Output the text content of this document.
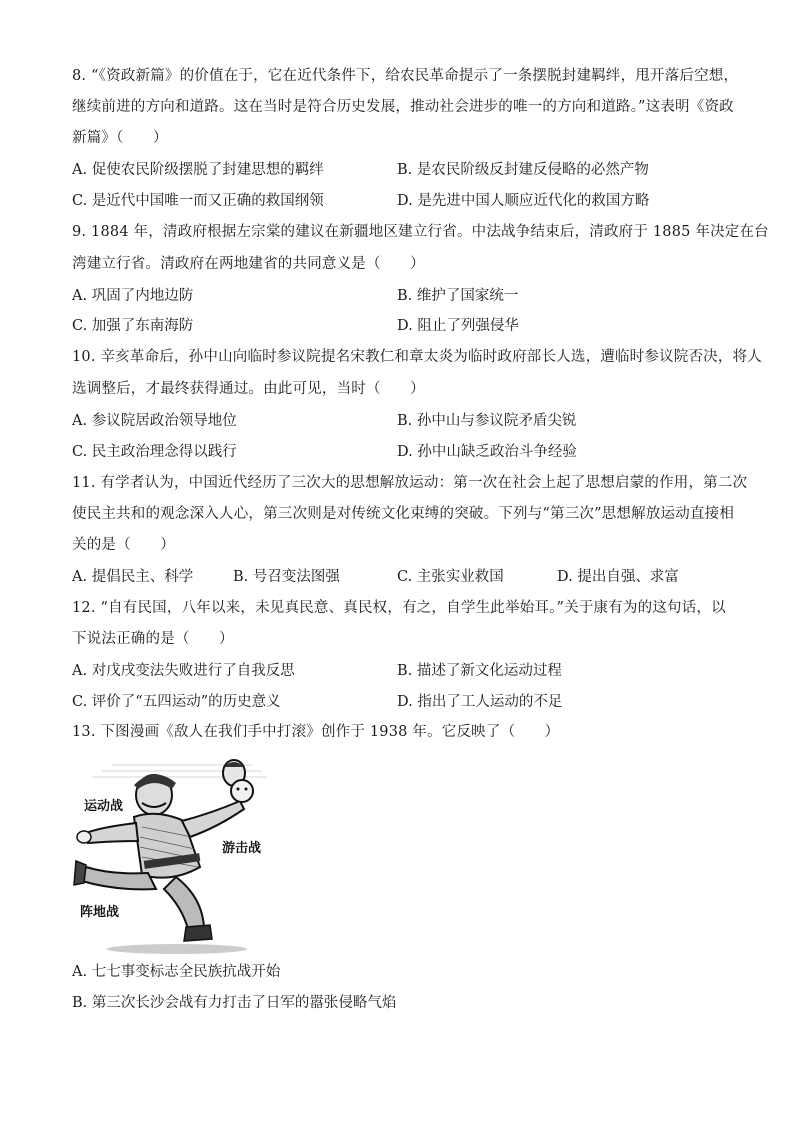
8. “《资政新篇》的价值在于，它在近代条件下，给农民革命提示了一条摆脱封建羁绊，甩开落后空想，
继续前进的方向和道路。这在当时是符合历史发展，推动社会进步的唯一的方向和道路。”这表明《资政
新篇》（　　）
A. 促使农民阶级摆脱了封建思想的羁绊	B. 是农民阶级反封建反侵略的必然产物
C. 是近代中国唯一而又正确的救国纲领	D. 是先进中国人顺应近代化的救国方略
9. 1884 年，清政府根据左宗棠的建议在新疆地区建立行省。中法战争结束后，清政府于 1885 年决定在台
湾建立行省。清政府在两地建省的共同意义是（　　）
A. 巩固了内地边防	B. 维护了国家统一
C. 加强了东南海防	D. 阻止了列强侵华
10. 辛亥革命后，孙中山向临时参议院提名宋教仁和章太炎为临时政府部长人选，遭临时参议院否决，将人
选调整后，才最终获得通过。由此可见，当时（　　）
A. 参议院居政治领导地位	B. 孙中山与参议院矛盾尖锐
C. 民主政治理念得以践行	D. 孙中山缺乏政治斗争经验
11. 有学者认为，中国近代经历了三次大的思想解放运动：第一次在社会上起了思想启蒙的作用，第二次
使民主共和的观念深入人心，第三次则是对传统文化束缚的突破。下列与“第三次”思想解放运动直接相
关的是（　　）
A. 提倡民主、科学	B. 号召变法图强	C. 主张实业救国	D. 提出自强、求富
12. “自有民国，八年以来，未见真民意、真民权，有之，自学生此举始耳。”关于康有为的这句话，以
下说法正确的是（　　）
A. 对戊戌变法失败进行了自我反思	B. 描述了新文化运动过程
C. 评价了“五四运动”的历史意义	D. 指出了工人运动的不足
13. 下图漫画《敌人在我们手中打滚》创作于 1938 年。它反映了（　　）
运动战
游击战
阵地战
A. 七七事变标志全民族抗战开始
B. 第三次长沙会战有力打击了日军的嚣张侵略气焰
